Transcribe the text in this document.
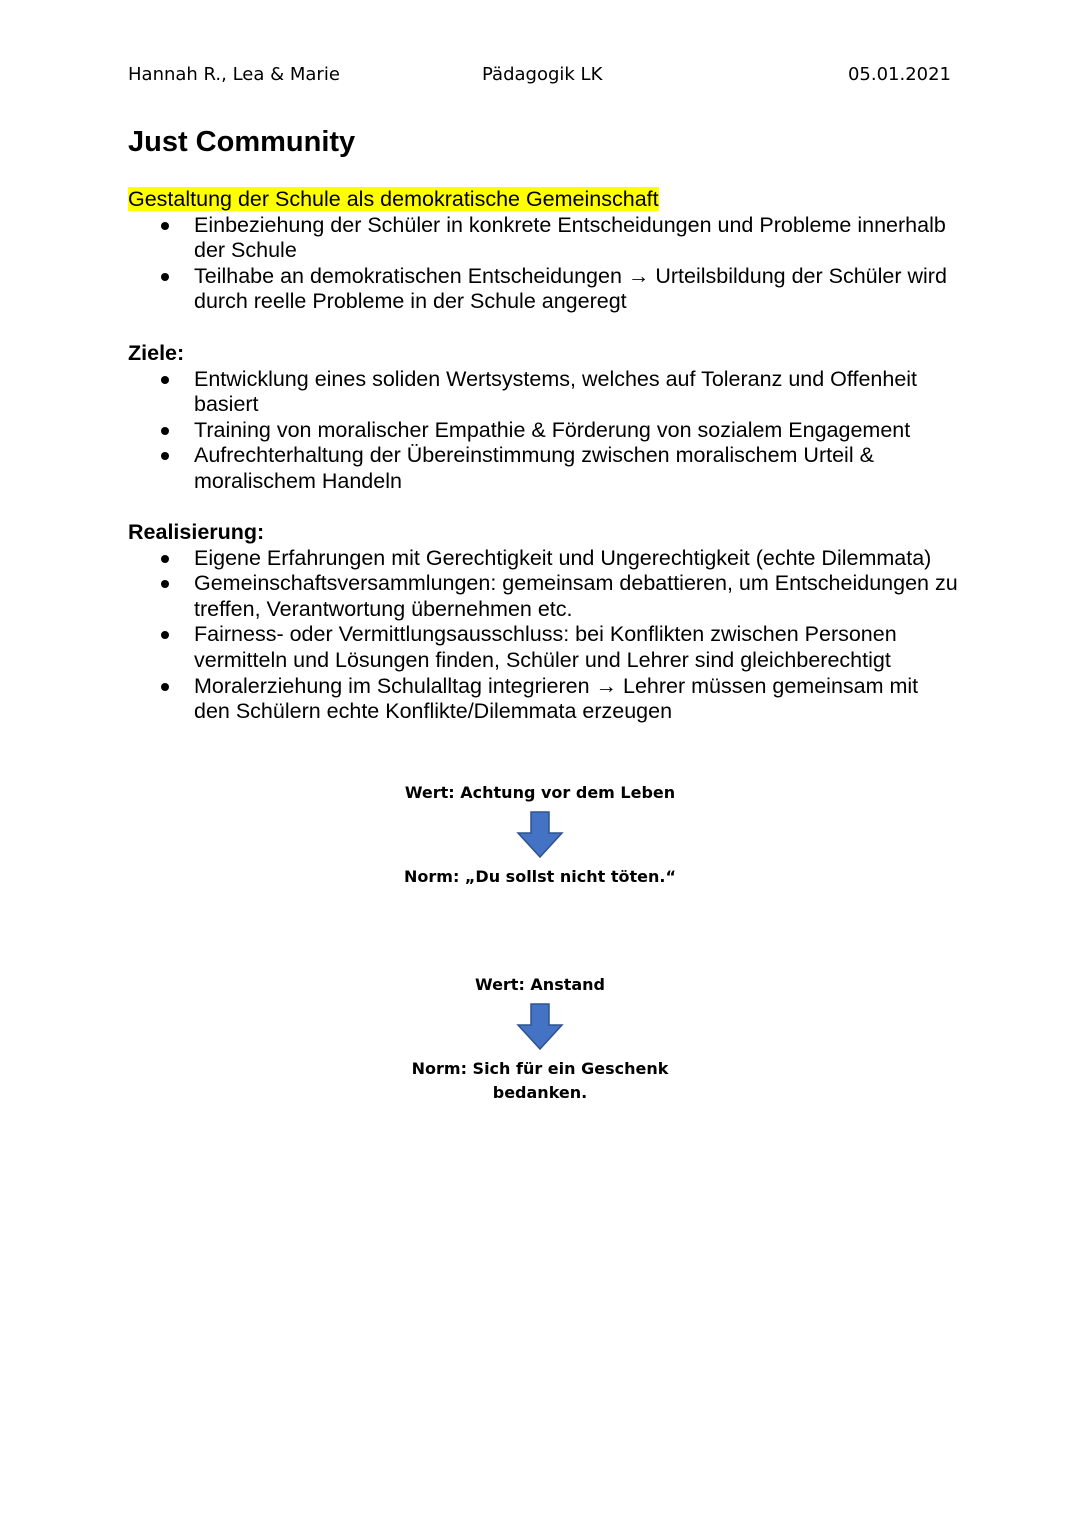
Hannah R., Lea & Marie	Pädagogik LK	05.01.2021
Just Community
Gestaltung der Schule als demokratische Gemeinschaft
Einbeziehung der Schüler in konkrete Entscheidungen und Probleme innerhalb der Schule
Teilhabe an demokratischen Entscheidungen → Urteilsbildung der Schüler wird durch reelle Probleme in der Schule angeregt
Ziele:
Entwicklung eines soliden Wertsystems, welches auf Toleranz und Offenheit basiert
Training von moralischer Empathie & Förderung von sozialem Engagement
Aufrechterhaltung der Übereinstimmung zwischen moralischem Urteil & moralischem Handeln
Realisierung:
Eigene Erfahrungen mit Gerechtigkeit und Ungerechtigkeit (echte Dilemmata)
Gemeinschaftsversammlungen: gemeinsam debattieren, um Entscheidungen zu treffen, Verantwortung übernehmen etc.
Fairness- oder Vermittlungsausschluss: bei Konflikten zwischen Personen vermitteln und Lösungen finden, Schüler und Lehrer sind gleichberechtigt
Moralerziehung im Schulalltag integrieren → Lehrer müssen gemeinsam mit den Schülern echte Konflikte/Dilemmata erzeugen
Wert: Achtung vor dem Leben
Norm: „Du sollst nicht töten.“
Wert: Anstand
Norm: Sich für ein Geschenk bedanken.
